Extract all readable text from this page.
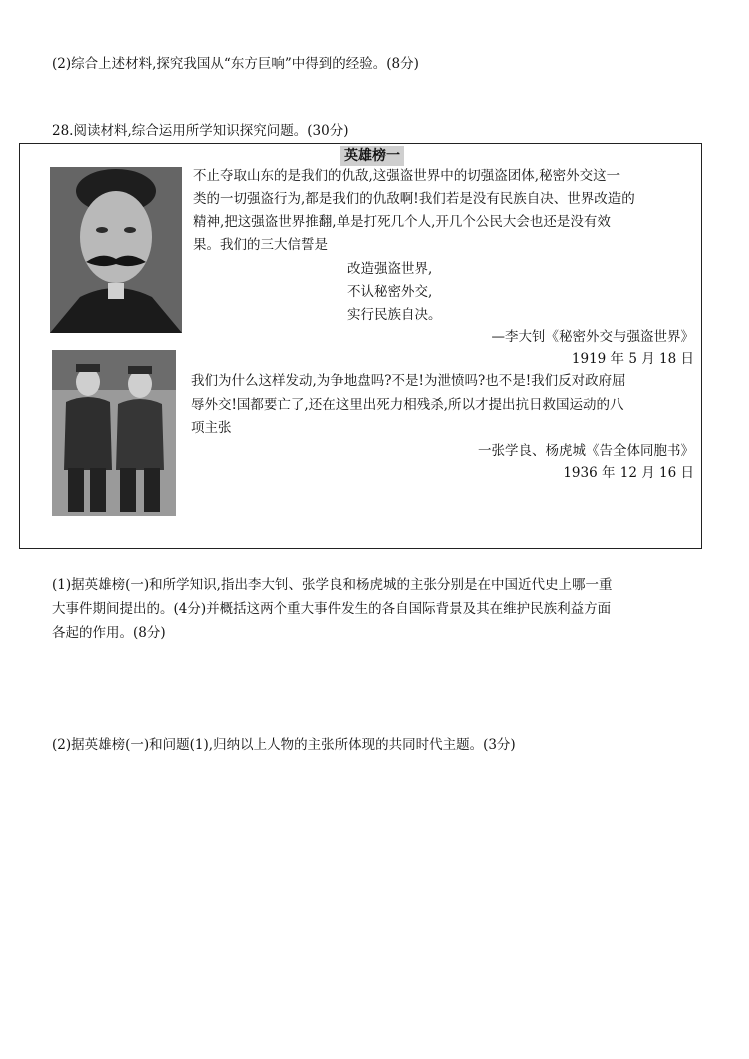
(2)综合上述材料,探究我国从“东方巨响”中得到的经验。(8分)
28.阅读材料,综合运用所学知识探究问题。(30分)
英雄榜一
不止夺取山东的是我们的仇敌,这强盗世界中的切强盗团体,秘密外交这一
类的一切强盗行为,都是我们的仇敌啊!我们若是没有民族自决、世界改造的
精神,把这强盗世界推翻,单是打死几个人,开几个公民大会也还是没有效
果。我们的三大信誓是
改造强盗世界,
不认秘密外交,
实行民族自决。
—李大钊《秘密外交与强盗世界》
1919 年 5 月 18 日
我们为什么这样发动,为争地盘吗?不是!为泄愤吗?也不是!我们反对政府屈
辱外交!国都要亡了,还在这里出死力相残杀,所以才提出抗日救国运动的八
项主张
一张学良、杨虎城《告全体同胞书》
1936 年 12 月 16 日
(1)据英雄榜(一)和所学知识,指出李大钊、张学良和杨虎城的主张分别是在中国近代史上哪一重
大事件期间提出的。(4分)并概括这两个重大事件发生的各自国际背景及其在维护民族利益方面
各起的作用。(8分)
(2)据英雄榜(一)和问题(1),归纳以上人物的主张所体现的共同时代主题。(3分)
